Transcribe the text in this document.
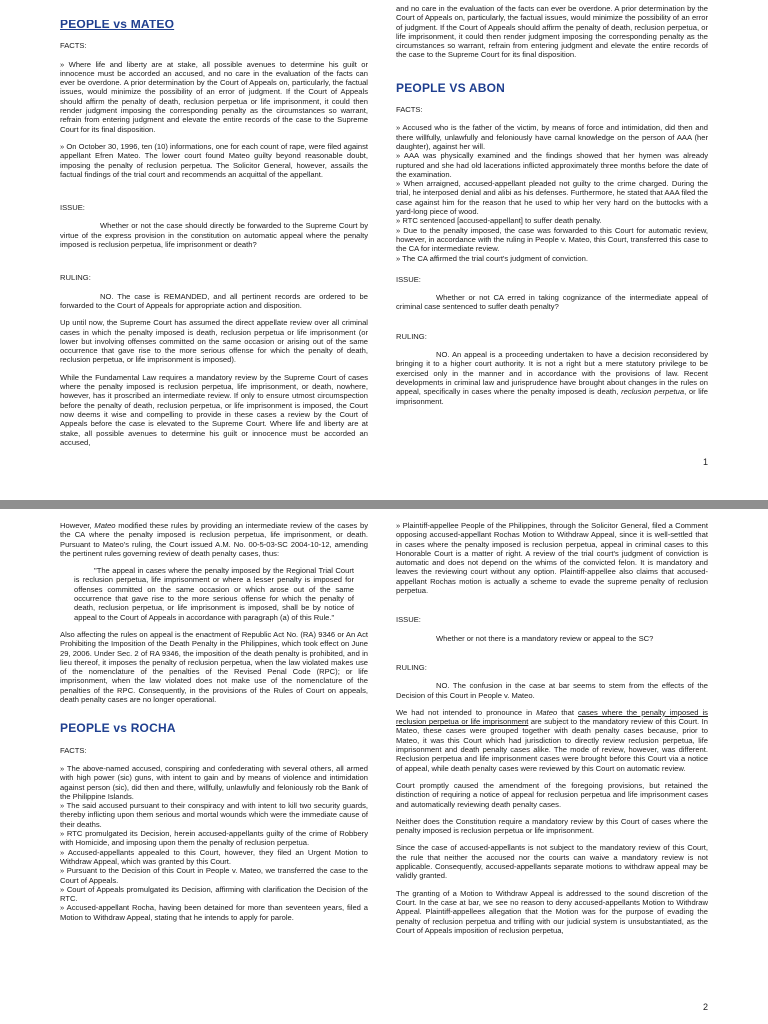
PEOPLE vs MATEO

FACTS:

» Where life and liberty are at stake, all possible avenues to determine his guilt or innocence must be accorded an accused, and no care in the evaluation of the facts can ever be overdone. A prior determination by the Court of Appeals on, particularly, the factual issues, would minimize the possibility of an error of judgment. If the Court of Appeals should affirm the penalty of death, reclusion perpetua or life imprisonment, it could then render judgment imposing the corresponding penalty as the circumstances so warrant, refrain from entering judgment and elevate the entire records of the case to the Supreme Court for its final disposition.

» On October 30, 1996, ten (10) informations, one for each count of rape, were filed against appellant Efren Mateo. The lower court found Mateo guilty beyond reasonable doubt, imposing the penalty of reclusion perpetua. The Solicitor General, however, assails the factual findings of the trial court and recommends an acquittal of the appellant.

ISSUE:

Whether or not the case should directly be forwarded to the Supreme Court by virtue of the express provision in the constitution on automatic appeal where the penalty imposed is reclusion perpetua, life imprisonment or death?

RULING:

NO. The case is REMANDED, and all pertinent records are ordered to be forwarded to the Court of Appeals for appropriate action and disposition.

Up until now, the Supreme Court has assumed the direct appellate review over all criminal cases in which the penalty imposed is death, reclusion perpetua or life imprisonment (or lower but involving offenses committed on the same occasion or arising out of the same occurrence that gave rise to the more serious offense for which the penalty of death, reclusion perpetua, or life imprisonment is imposed).

While the Fundamental Law requires a mandatory review by the Supreme Court of cases where the penalty imposed is reclusion perpetua, life imprisonment, or death, nowhere, however, has it proscribed an intermediate review. If only to ensure utmost circumspection before the penalty of death, reclusion perpetua, or life imprisonment is imposed, the Court now deems it wise and compelling to provide in these cases a review by the Court of Appeals before the case is elevated to the Supreme Court. Where life and liberty are at stake, all possible avenues to determine his guilt or innocence must be accorded an accused,

and no care in the evaluation of the facts can ever be overdone. A prior determination by the Court of Appeals on, particularly, the factual issues, would minimize the possibility of an error of judgment. If the Court of Appeals should affirm the penalty of death, reclusion perpetua, or life imprisonment, it could then render judgment imposing the corresponding penalty as the circumstances so warrant, refrain from entering judgment and elevate the entire records of the case to the Supreme Court for its final disposition.

PEOPLE VS ABON

FACTS:

» Accused who is the father of the victim, by means of force and intimidation, did then and there willfully, unlawfully and feloniously have carnal knowledge on the person of AAA (her daughter), against her will.

» AAA was physically examined and the findings showed that her hymen was already ruptured and she had old lacerations inflicted approximately three months before the date of the examination.

» When arraigned, accused-appellant pleaded not guilty to the crime charged. During the trial, he interposed denial and alibi as his defenses. Furthermore, he stated that AAA filed the case against him for the reason that he used to whip her very hard on the buttocks with a yard-long piece of wood.

» RTC sentenced [accused-appellant] to suffer death penalty.

» Due to the penalty imposed, the case was forwarded to this Court for automatic review, however, in accordance with the ruling in People v. Mateo, this Court, transferred this case to the CA for intermediate review.

» The CA affirmed the trial court's judgment of conviction.

ISSUE:

Whether or not CA erred in taking cognizance of the intermediate appeal of criminal case sentenced to suffer death penalty?

RULING:

NO. An appeal is a proceeding undertaken to have a decision reconsidered by bringing it to a higher court authority. It is not a right but a mere statutory privilege to be exercised only in the manner and in accordance with the provisions of law. Recent developments in criminal law and jurisprudence have brought about changes in the rules on appeal, specifically in cases where the penalty imposed is death, reclusion perpetua, or life imprisonment.

1

However, Mateo modified these rules by providing an intermediate review of the cases by the CA where the penalty imposed is reclusion perpetua, life imprisonment, or death. Pursuant to Mateo's ruling, the Court issued A.M. No. 00-5-03-SC 2004-10-12, amending the pertinent rules governing review of death penalty cases, thus:

"The appeal in cases where the penalty imposed by the Regional Trial Court is reclusion perpetua, life imprisonment or where a lesser penalty is imposed for offenses committed on the same occasion or which arose out of the same occurrence that gave rise to the more serious offense for which the penalty of death, reclusion perpetua, or life imprisonment is imposed, shall be by notice of appeal to the Court of Appeals in accordance with paragraph (a) of this Rule."

Also affecting the rules on appeal is the enactment of Republic Act No. (RA) 9346 or An Act Prohibiting the Imposition of the Death Penalty in the Philippines, which took effect on June 29, 2006. Under Sec. 2 of RA 9346, the imposition of the death penalty is prohibited, and in lieu thereof, it imposes the penalty of reclusion perpetua, when the law violated makes use of the nomenclature of the penalties of the Revised Penal Code (RPC); or life imprisonment, when the law violated does not make use of the nomenclature of the penalties of the RPC. Consequently, in the provisions of the Rules of Court on appeals, death penalty cases are no longer operational.

PEOPLE vs ROCHA

FACTS:

» The above-named accused, conspiring and confederating with several others, all armed with high power (sic) guns, with intent to gain and by means of violence and intimidation against person (sic), did then and there, willfully, unlawfully and feloniously rob the Bank of the Philippine Islands.

» The said accused pursuant to their conspiracy and with intent to kill two security guards, thereby inflicting upon them serious and mortal wounds which were the immediate cause of their deaths.

» RTC promulgated its Decision, herein accused-appellants guilty of the crime of Robbery with Homicide, and imposing upon them the penalty of reclusion perpetua.

» Accused-appellants appealed to this Court, however, they filed an Urgent Motion to Withdraw Appeal, which was granted by this Court.

» Pursuant to the Decision of this Court in People v. Mateo, we transferred the case to the Court of Appeals.

» Court of Appeals promulgated its Decision, affirming with clarification the Decision of the RTC.

» Accused-appellant Rocha, having been detained for more than seventeen years, filed a Motion to Withdraw Appeal, stating that he intends to apply for parole.

» Plaintiff-appellee People of the Philippines, through the Solicitor General, filed a Comment opposing accused-appellant Rochas Motion to Withdraw Appeal, since it is well-settled that in cases where the penalty imposed is reclusion perpetua, appeal in criminal cases to this Honorable Court is a matter of right. A review of the trial court's judgment of conviction is automatic and does not depend on the whims of the convicted felon. It is mandatory and leaves the reviewing court without any option. Plaintiff-appellee also claims that accused-appellant Rochas motion is actually a scheme to evade the supreme penalty of reclusion perpetua.

ISSUE:

Whether or not there is a mandatory review or appeal to the SC?

RULING:

NO. The confusion in the case at bar seems to stem from the effects of the Decision of this Court in People v. Mateo.

We had not intended to pronounce in Mateo that cases where the penalty imposed is reclusion perpetua or life imprisonment are subject to the mandatory review of this Court. In Mateo, these cases were grouped together with death penalty cases because, prior to Mateo, it was this Court which had jurisdiction to directly review reclusion perpetua, life imprisonment and death penalty cases alike. The mode of review, however, was different. Reclusion perpetua and life imprisonment cases were brought before this Court via a notice of appeal, while death penalty cases were reviewed by this Court on automatic review.

Court promptly caused the amendment of the foregoing provisions, but retained the distinction of requiring a notice of appeal for reclusion perpetua and life imprisonment cases and automatically reviewing death penalty cases.

Neither does the Constitution require a mandatory review by this Court of cases where the penalty imposed is reclusion perpetua or life imprisonment.

Since the case of accused-appellants is not subject to the mandatory review of this Court, the rule that neither the accused nor the courts can waive a mandatory review is not applicable. Consequently, accused-appellants separate motions to withdraw appeal may be validly granted.

The granting of a Motion to Withdraw Appeal is addressed to the sound discretion of the Court. In the case at bar, we see no reason to deny accused-appellants Motion to Withdraw Appeal. Plaintiff-appellees allegation that the Motion was for the purpose of evading the penalty of reclusion perpetua and trifling with our judicial system is unsubstantiated, as the Court of Appeals imposition of reclusion perpetua,

2
